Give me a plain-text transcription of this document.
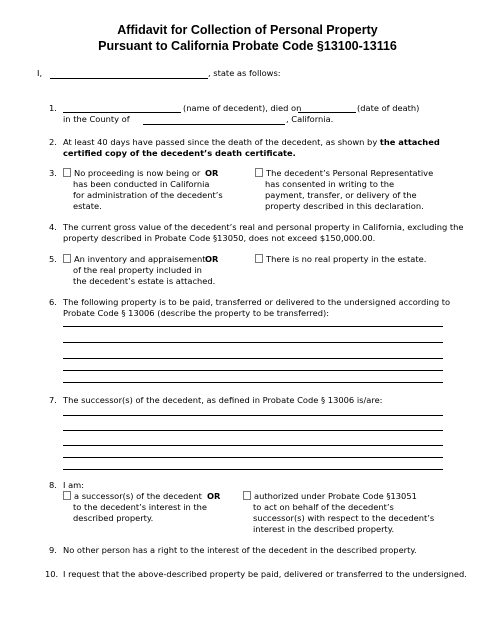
Affidavit for Collection of Personal Property
Pursuant to California Probate Code §13100-13116
I,	, state as follows:
1.	(name of decedent), died on	(date of death)
in the County of	, California.
2. At least 40 days have passed since the death of the decedent, as shown by the attached
certified copy of the decedent’s death certificate.
3.	No proceeding is now being or
has been conducted in California
for administration of the decedent’s
estate.
OR	The decedent’s Personal Representative
has consented in writing to the
payment, transfer, or delivery of the
property described in this declaration.
4. The current gross value of the decedent’s real and personal property in California, excluding the
property described in Probate Code §13050, does not exceed $150,000.00.
5.	An inventory and appraisement
of the real property included in
the decedent’s estate is attached.
OR	There is no real property in the estate.
6. The following property is to be paid, transferred or delivered to the undersigned according to
Probate Code § 13006 (describe the property to be transferred):
7. The successor(s) of the decedent, as defined in Probate Code § 13006 is/are:
8. I am:
a successor(s) of the decedent
to the decedent’s interest in the
described property.
OR	authorized under Probate Code §13051
to act on behalf of the decedent’s
successor(s) with respect to the decedent’s
interest in the described property.
9. No other person has a right to the interest of the decedent in the described property.
10. I request that the above-described property be paid, delivered or transferred to the undersigned.
